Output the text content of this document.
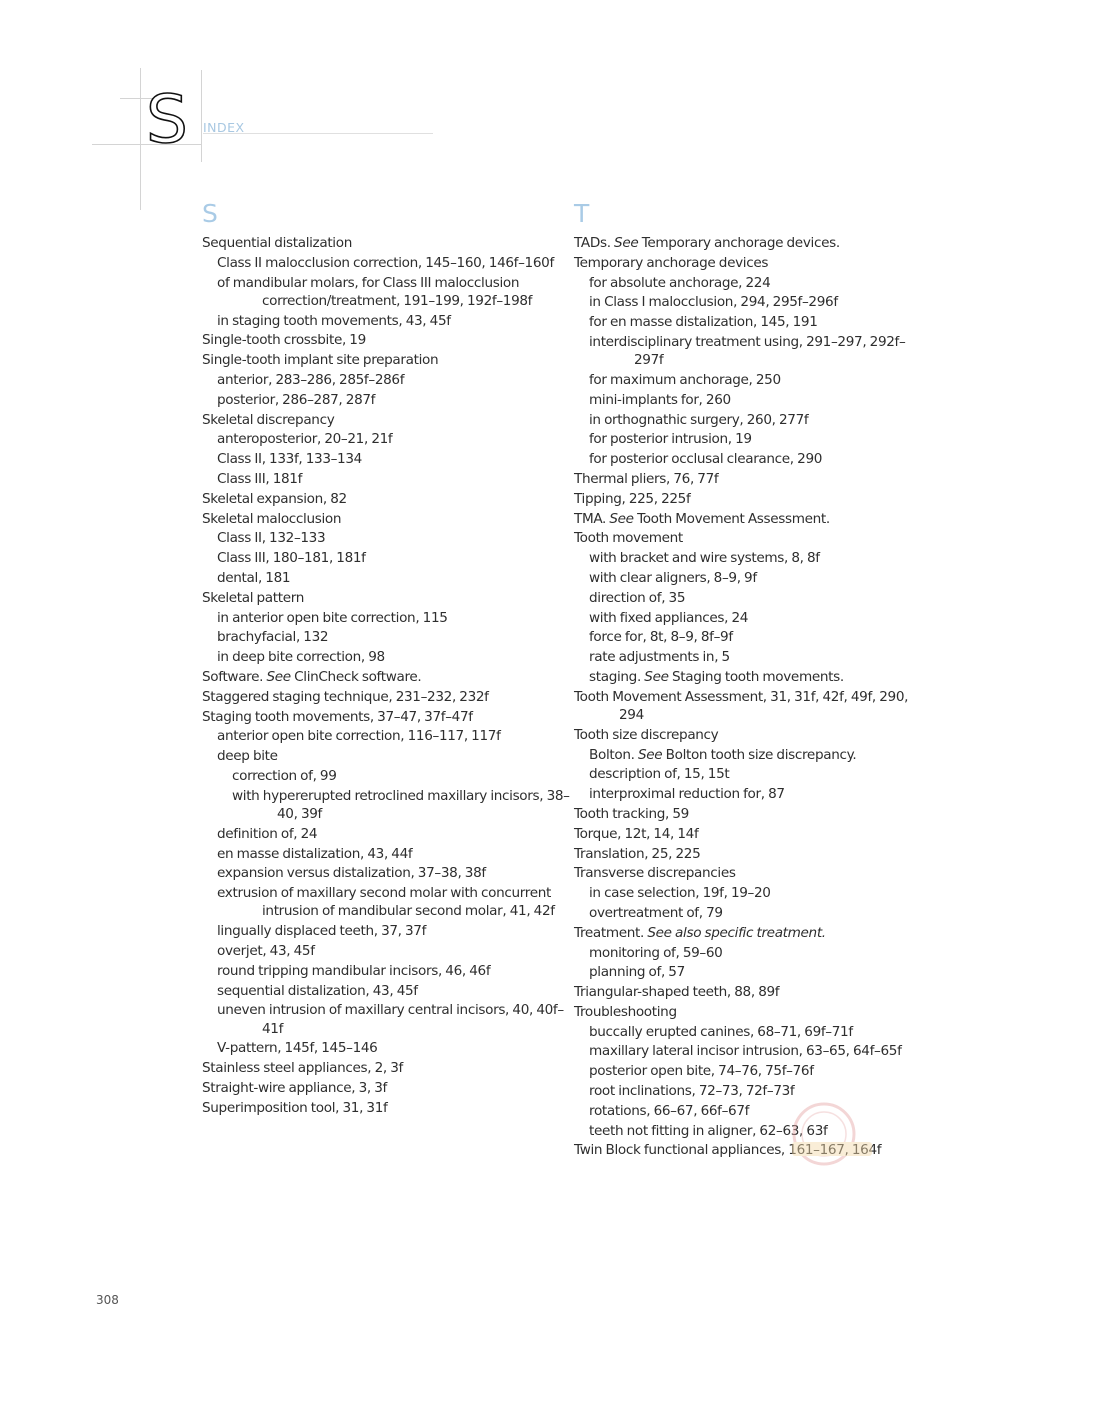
S INDEX
S
Sequential distalization
Class II malocclusion correction, 145–160, 146f–160f
of mandibular molars, for Class III malocclusion correction/treatment, 191–199, 192f–198f
in staging tooth movements, 43, 45f
Single-tooth crossbite, 19
Single-tooth implant site preparation
anterior, 283–286, 285f–286f
posterior, 286–287, 287f
Skeletal discrepancy
anteroposterior, 20–21, 21f
Class II, 133f, 133–134
Class III, 181f
Skeletal expansion, 82
Skeletal malocclusion
Class II, 132–133
Class III, 180–181, 181f
dental, 181
Skeletal pattern
in anterior open bite correction, 115
brachyfacial, 132
in deep bite correction, 98
Software. See ClinCheck software.
Staggered staging technique, 231–232, 232f
Staging tooth movements, 37–47, 37f–47f
anterior open bite correction, 116–117, 117f
deep bite
correction of, 99
with hypererupted retroclined maxillary incisors, 38–40, 39f
definition of, 24
en masse distalization, 43, 44f
expansion versus distalization, 37–38, 38f
extrusion of maxillary second molar with concurrent intrusion of mandibular second molar, 41, 42f
lingually displaced teeth, 37, 37f
overjet, 43, 45f
round tripping mandibular incisors, 46, 46f
sequential distalization, 43, 45f
uneven intrusion of maxillary central incisors, 40, 40f–41f
V-pattern, 145f, 145–146
Stainless steel appliances, 2, 3f
Straight-wire appliance, 3, 3f
Superimposition tool, 31, 31f
T
TADs. See Temporary anchorage devices.
Temporary anchorage devices
for absolute anchorage, 224
in Class I malocclusion, 294, 295f–296f
for en masse distalization, 145, 191
interdisciplinary treatment using, 291–297, 292f–297f
for maximum anchorage, 250
mini-implants for, 260
in orthognathic surgery, 260, 277f
for posterior intrusion, 19
for posterior occlusal clearance, 290
Thermal pliers, 76, 77f
Tipping, 225, 225f
TMA. See Tooth Movement Assessment.
Tooth movement
with bracket and wire systems, 8, 8f
with clear aligners, 8–9, 9f
direction of, 35
with fixed appliances, 24
force for, 8t, 8–9, 8f–9f
rate adjustments in, 5
staging. See Staging tooth movements.
Tooth Movement Assessment, 31, 31f, 42f, 49f, 290, 294
Tooth size discrepancy
Bolton. See Bolton tooth size discrepancy.
description of, 15, 15t
interproximal reduction for, 87
Tooth tracking, 59
Torque, 12t, 14, 14f
Translation, 25, 225
Transverse discrepancies
in case selection, 19f, 19–20
overtreatment of, 79
Treatment. See also specific treatment.
monitoring of, 59–60
planning of, 57
Triangular-shaped teeth, 88, 89f
Troubleshooting
buccally erupted canines, 68–71, 69f–71f
maxillary lateral incisor intrusion, 63–65, 64f–65f
posterior open bite, 74–76, 75f–76f
root inclinations, 72–73, 72f–73f
rotations, 66–67, 66f–67f
teeth not fitting in aligner, 62–63, 63f
Twin Block functional appliances, 161–167, 164f
308
